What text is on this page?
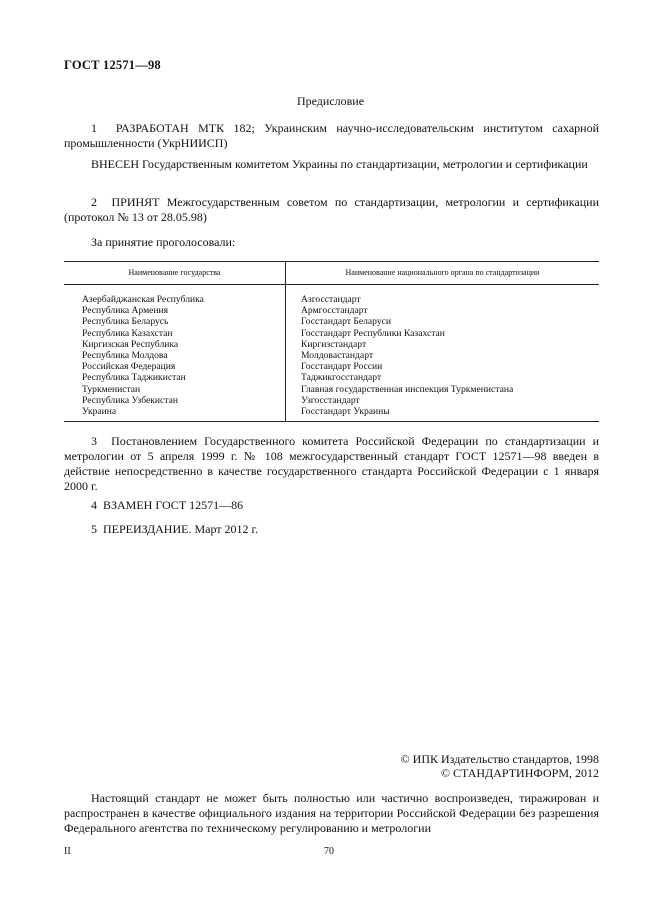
ГОСТ 12571—98
Предисловие
1 РАЗРАБОТАН МТК 182; Украинским научно-исследовательским институтом сахарной промышленности (УкрНИИСП)
ВНЕСЕН Государственным комитетом Украины по стандартизации, метрологии и сертификации
2 ПРИНЯТ Межгосударственным советом по стандартизации, метрологии и сертификации (протокол № 13 от 28.05.98)
За принятие проголосовали:
Наименование государства	Наименование национального органа по стандартизации

Азербайджанская Республика	Азгосстандарт
Республика Армения	Армгосстандарт
Республика Беларусь	Госстандарт Беларуси
Республика Казахстан	Госстандарт Республики Казахстан
Киргизская Республика	Киргизстандарт
Республика Молдова	Молдовастандарт
Российская Федерация	Госстандарт России
Республика Таджикистан	Таджикгосстандарт
Туркменистан	Главная государственная инспекция Туркменистана
Республика Узбекистан	Узгосстандарт
Украина	Госстандарт Украины
3 Постановлением Государственного комитета Российской Федерации по стандартизации и метрологии от 5 апреля 1999 г. № 108 межгосударственный стандарт ГОСТ 12571—98 введен в действие непосредственно в качестве государственного стандарта Российской Федерации с 1 января 2000 г.
4 ВЗАМЕН ГОСТ 12571—86
5 ПЕРЕИЗДАНИЕ. Март 2012 г.
© ИПК Издательство стандартов, 1998
© СТАНДАРТИНФОРМ, 2012
Настоящий стандарт не может быть полностью или частично воспроизведен, тиражирован и распространен в качестве официального издания на территории Российской Федерации без разрешения Федерального агентства по техническому регулированию и метрологии
II	70
